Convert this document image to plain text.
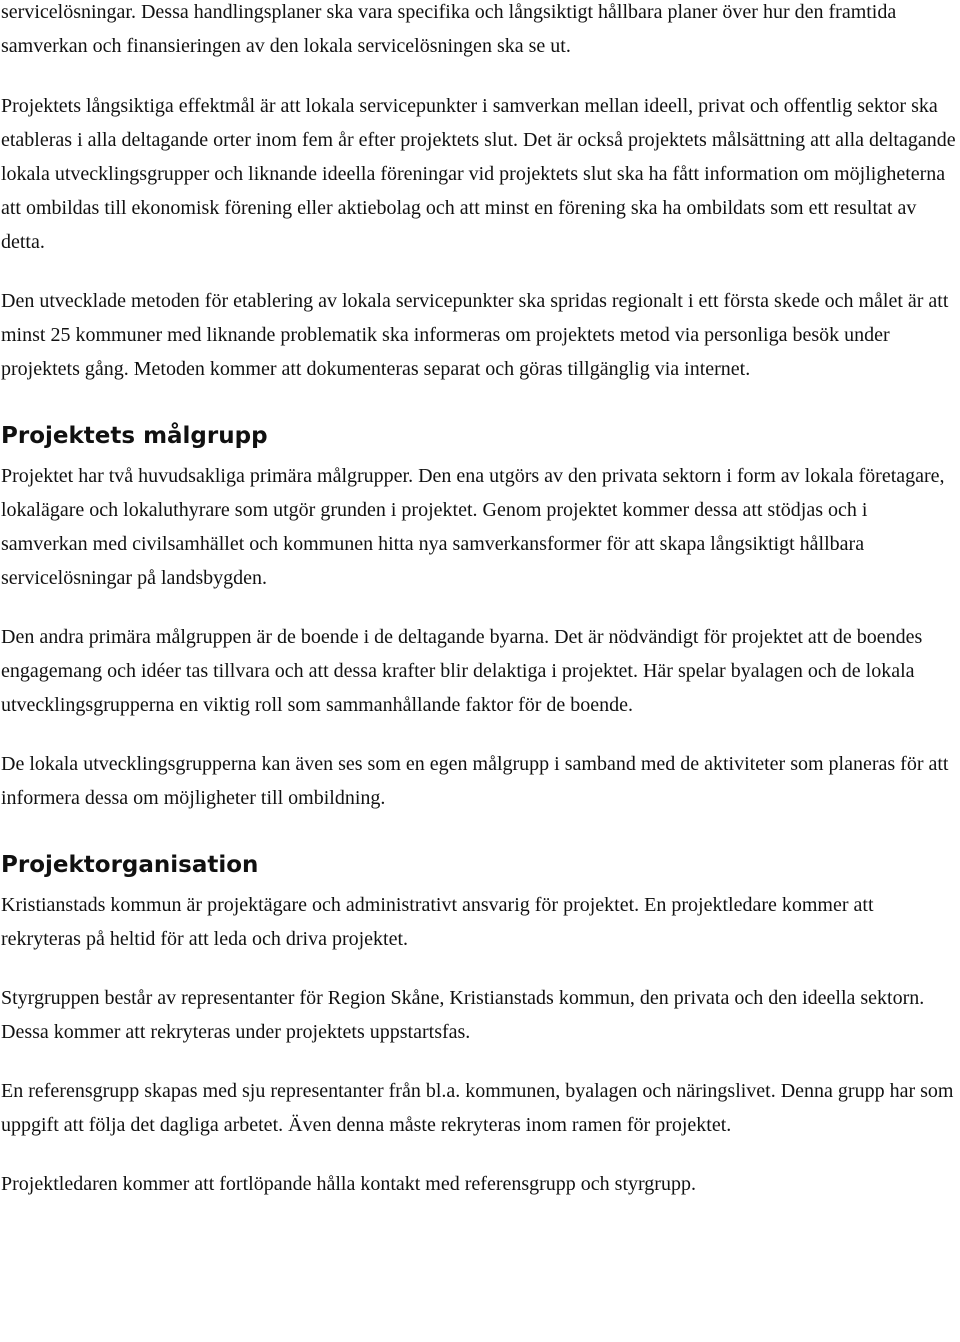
servicelösningar. Dessa handlingsplaner ska vara specifika och långsiktigt hållbara planer över hur den framtida samverkan och finansieringen av den lokala servicelösningen ska se ut.

Projektets långsiktiga effektmål är att lokala servicepunkter i samverkan mellan ideell, privat och offentlig sektor ska etableras i alla deltagande orter inom fem år efter projektets slut. Det är också projektets målsättning att alla deltagande lokala utvecklingsgrupper och liknande ideella föreningar vid projektets slut ska ha fått information om möjligheterna att ombildas till ekonomisk förening eller aktiebolag och att minst en förening ska ha ombildats som ett resultat av detta.

Den utvecklade metoden för etablering av lokala servicepunkter ska spridas regionalt i ett första skede och målet är att minst 25 kommuner med liknande problematik ska informeras om projektets metod via personliga besök under projektets gång. Metoden kommer att dokumenteras separat och göras tillgänglig via internet.

Projektets målgrupp

Projektet har två huvudsakliga primära målgrupper. Den ena utgörs av den privata sektorn i form av lokala företagare, lokalägare och lokaluthyrare som utgör grunden i projektet. Genom projektet kommer dessa att stödjas och i samverkan med civilsamhället och kommunen hitta nya samverkansformer för att skapa långsiktigt hållbara servicelösningar på landsbygden.

Den andra primära målgruppen är de boende i de deltagande byarna. Det är nödvändigt för projektet att de boendes engagemang och idéer tas tillvara och att dessa krafter blir delaktiga i projektet. Här spelar byalagen och de lokala utvecklingsgrupperna en viktig roll som sammanhållande faktor för de boende.

De lokala utvecklingsgrupperna kan även ses som en egen målgrupp i samband med de aktiviteter som planeras för att informera dessa om möjligheter till ombildning.

Projektorganisation

Kristianstads kommun är projektägare och administrativt ansvarig för projektet. En projektledare kommer att rekryteras på heltid för att leda och driva projektet.

Styrgruppen består av representanter för Region Skåne, Kristianstads kommun, den privata och den ideella sektorn. Dessa kommer att rekryteras under projektets uppstartsfas.

En referensgrupp skapas med sju representanter från bl.a. kommunen, byalagen och näringslivet. Denna grupp har som uppgift att följa det dagliga arbetet. Även denna måste rekryteras inom ramen för projektet.

Projektledaren kommer att fortlöpande hålla kontakt med referensgrupp och styrgrupp.
